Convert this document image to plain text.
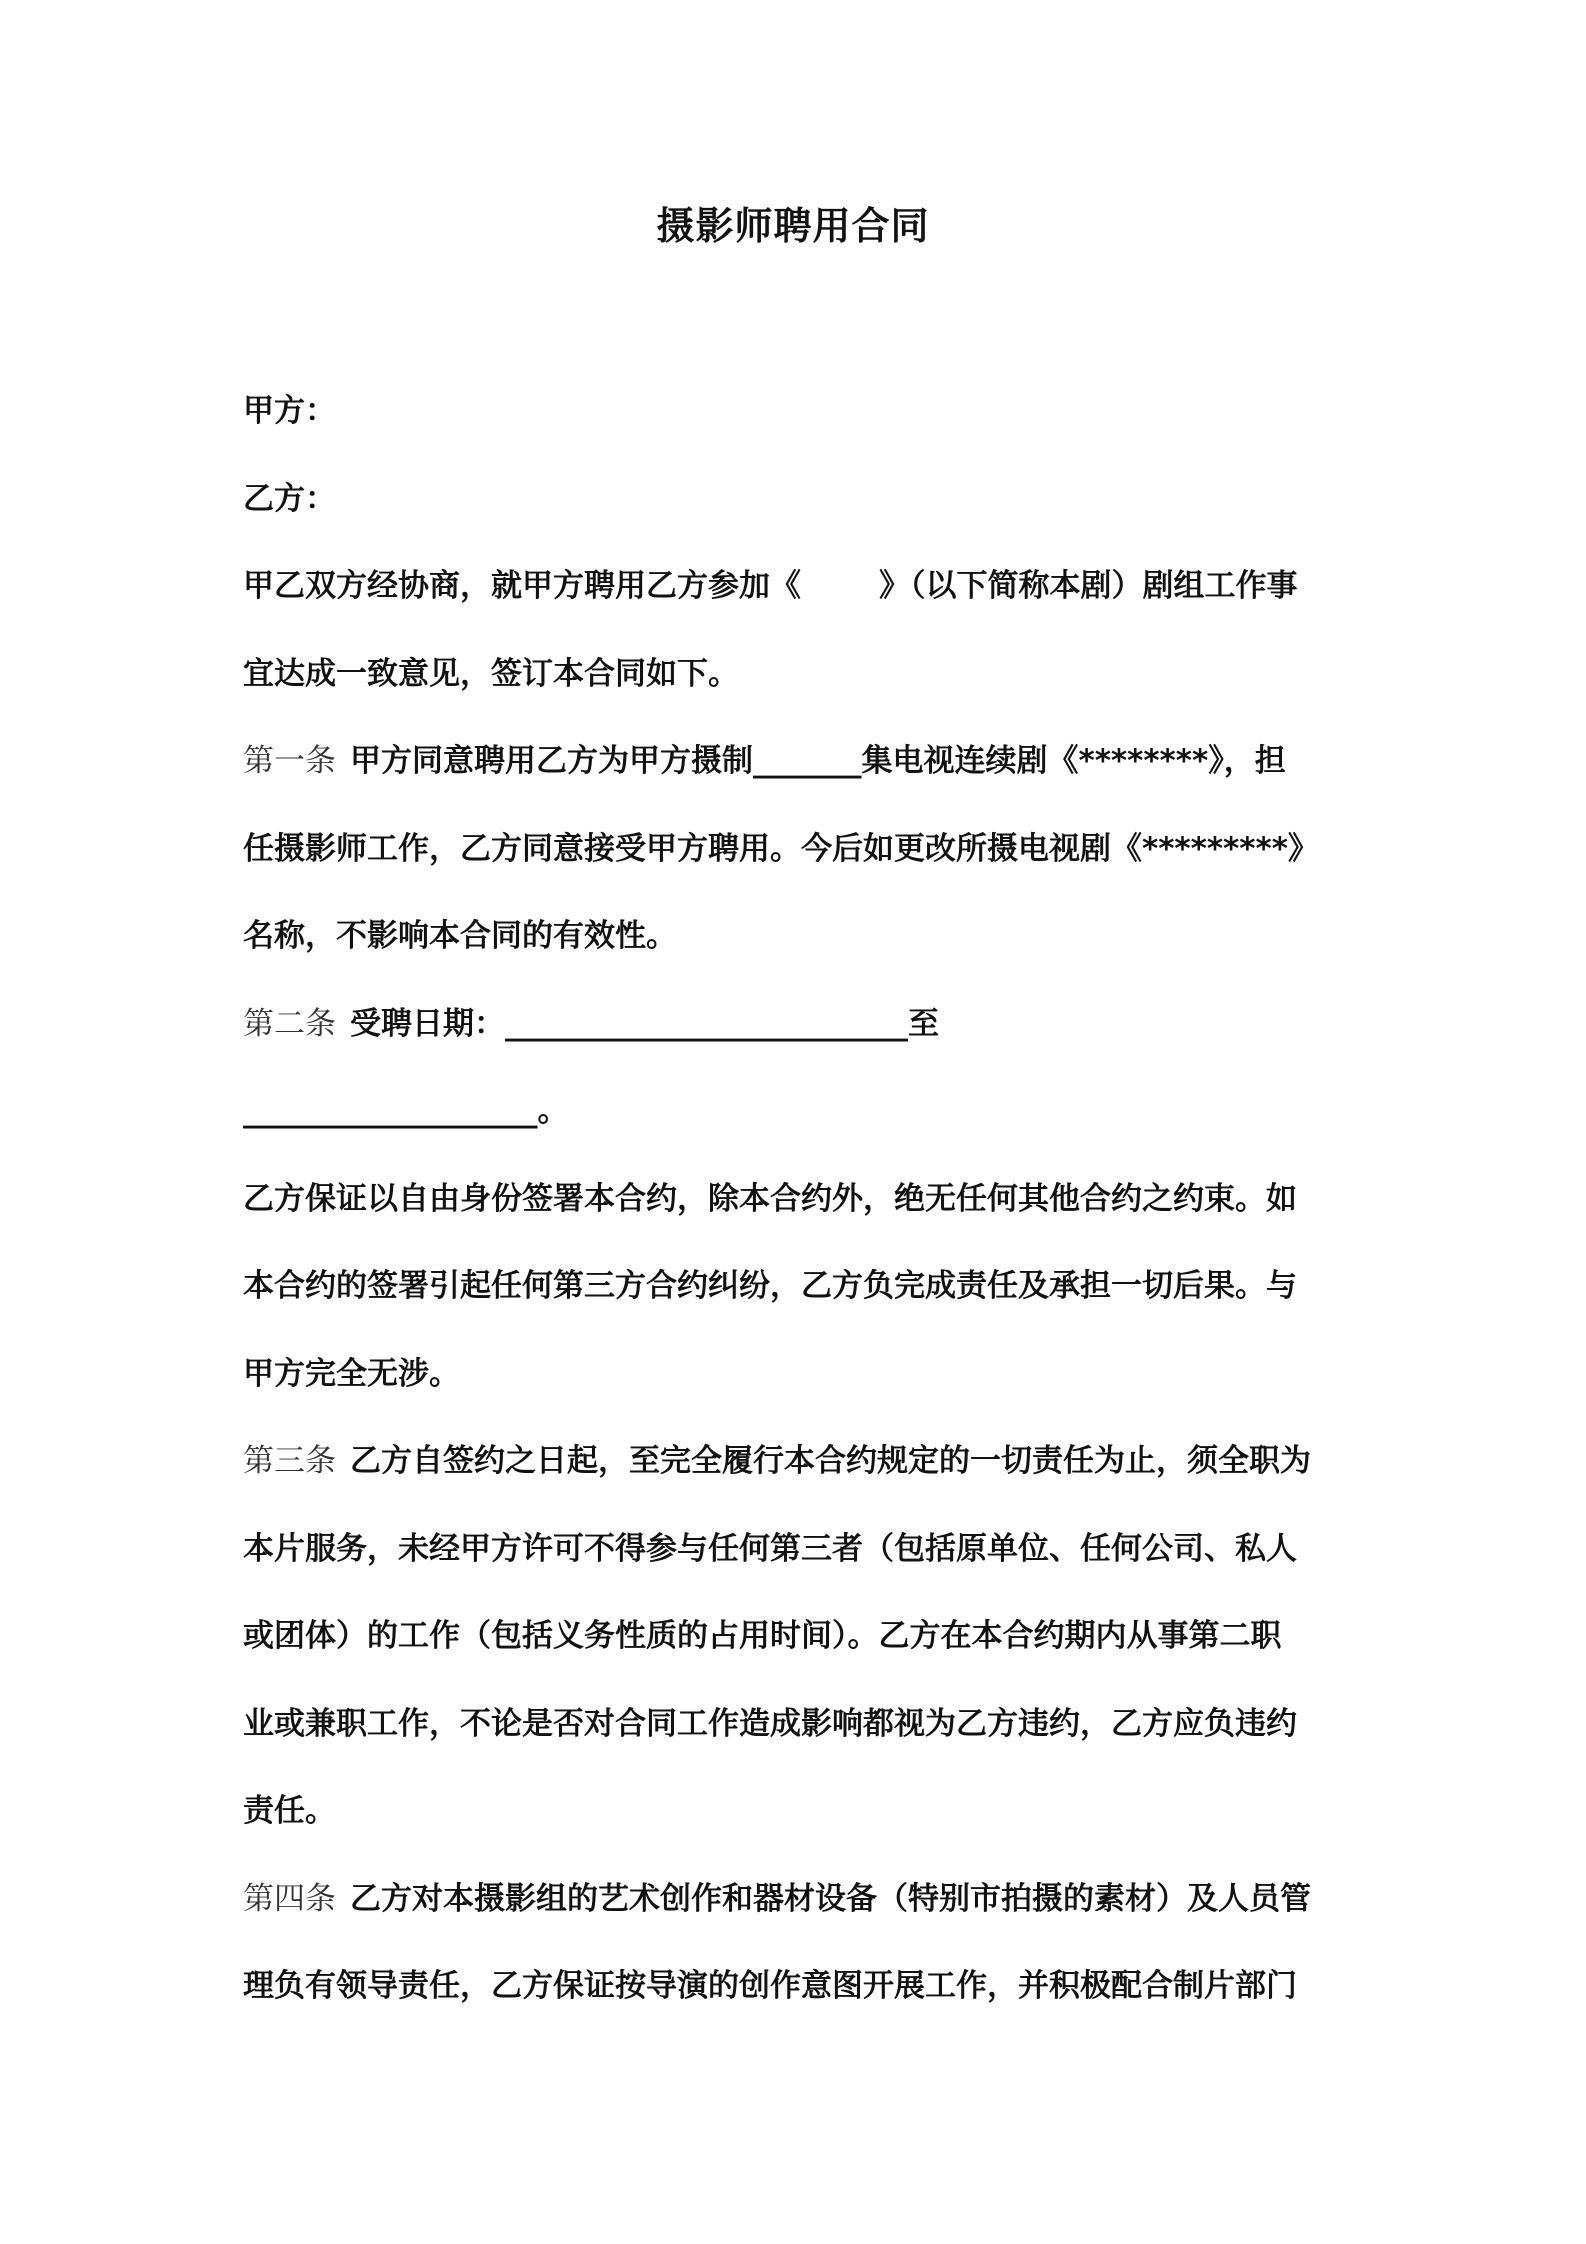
摄影师聘用合同
甲方：
乙方：
甲乙双方经协商，就甲方聘用乙方参加《	》（以下简称本剧）剧组工作事
宜达成一致意见，签订本合同如下。
第一条 甲方同意聘用乙方为甲方摄制_______集电视连续剧《********》，担
任摄影师工作，乙方同意接受甲方聘用。今后如更改所摄电视剧《*********》
名称，不影响本合同的有效性。
第二条 受聘日期：__________________________至
___________________。
乙方保证以自由身份签署本合约，除本合约外，绝无任何其他合约之约束。如
本合约的签署引起任何第三方合约纠纷，乙方负完成责任及承担一切后果。与
甲方完全无涉。
第三条 乙方自签约之日起，至完全履行本合约规定的一切责任为止，须全职为
本片服务，未经甲方许可不得参与任何第三者（包括原单位、任何公司、私人
或团体）的工作（包括义务性质的占用时间）。乙方在本合约期内从事第二职
业或兼职工作，不论是否对合同工作造成影响都视为乙方违约，乙方应负违约
责任。
第四条 乙方对本摄影组的艺术创作和器材设备（特别市拍摄的素材）及人员管
理负有领导责任，乙方保证按导演的创作意图开展工作，并积极配合制片部门
